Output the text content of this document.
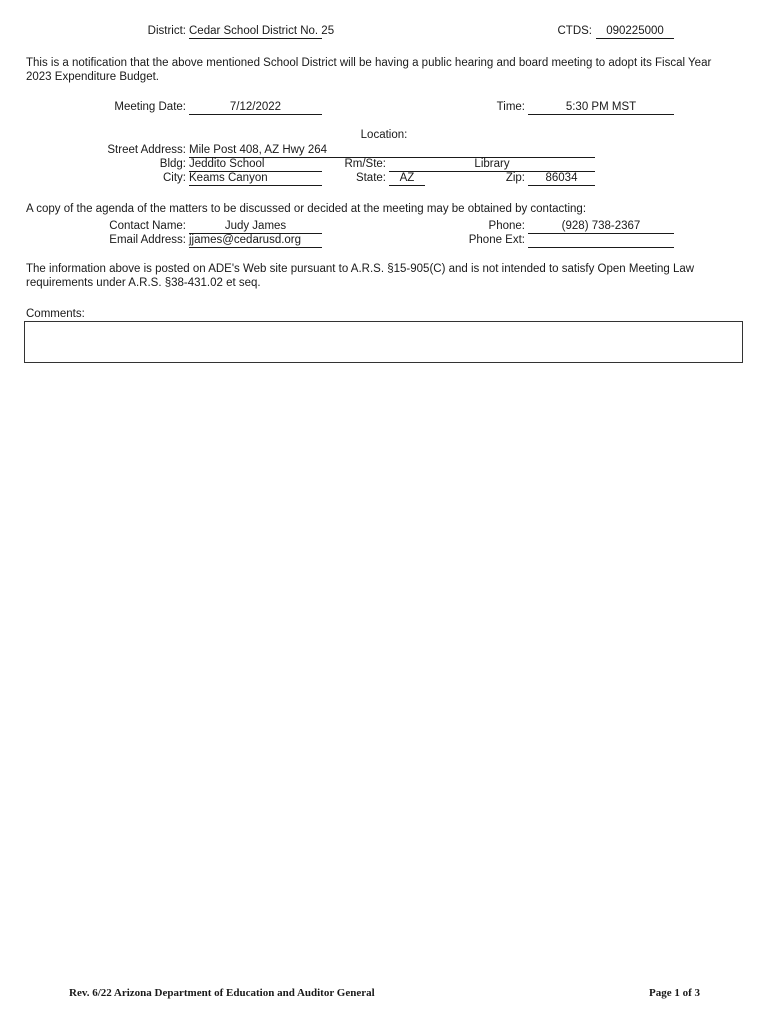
District: Cedar School District No. 25	CTDS:	090225000
This is a notification that the above mentioned School District will be having a public hearing and board meeting to adopt its Fiscal Year 2023 Expenditure Budget.
Meeting Date:	7/12/2022	Time:	5:30 PM MST
Location:
Street Address: Mile Post 408, AZ Hwy 264
Bldg: Jeddito School	Rm/Ste:	Library
City: Keams Canyon	State:	AZ	Zip:	86034
A copy of the agenda of the matters to be discussed or decided at the meeting may be obtained by contacting:
Contact Name:	Judy James	Phone:	(928) 738-2367
Email Address: jjames@cedarusd.org	Phone Ext:
The information above is posted on ADE's Web site pursuant to A.R.S. §15-905(C) and is not intended to satisfy Open Meeting Law requirements under A.R.S. §38-431.02 et seq.
Comments:
Rev. 6/22 Arizona Department of Education and Auditor General	Page 1 of 3
